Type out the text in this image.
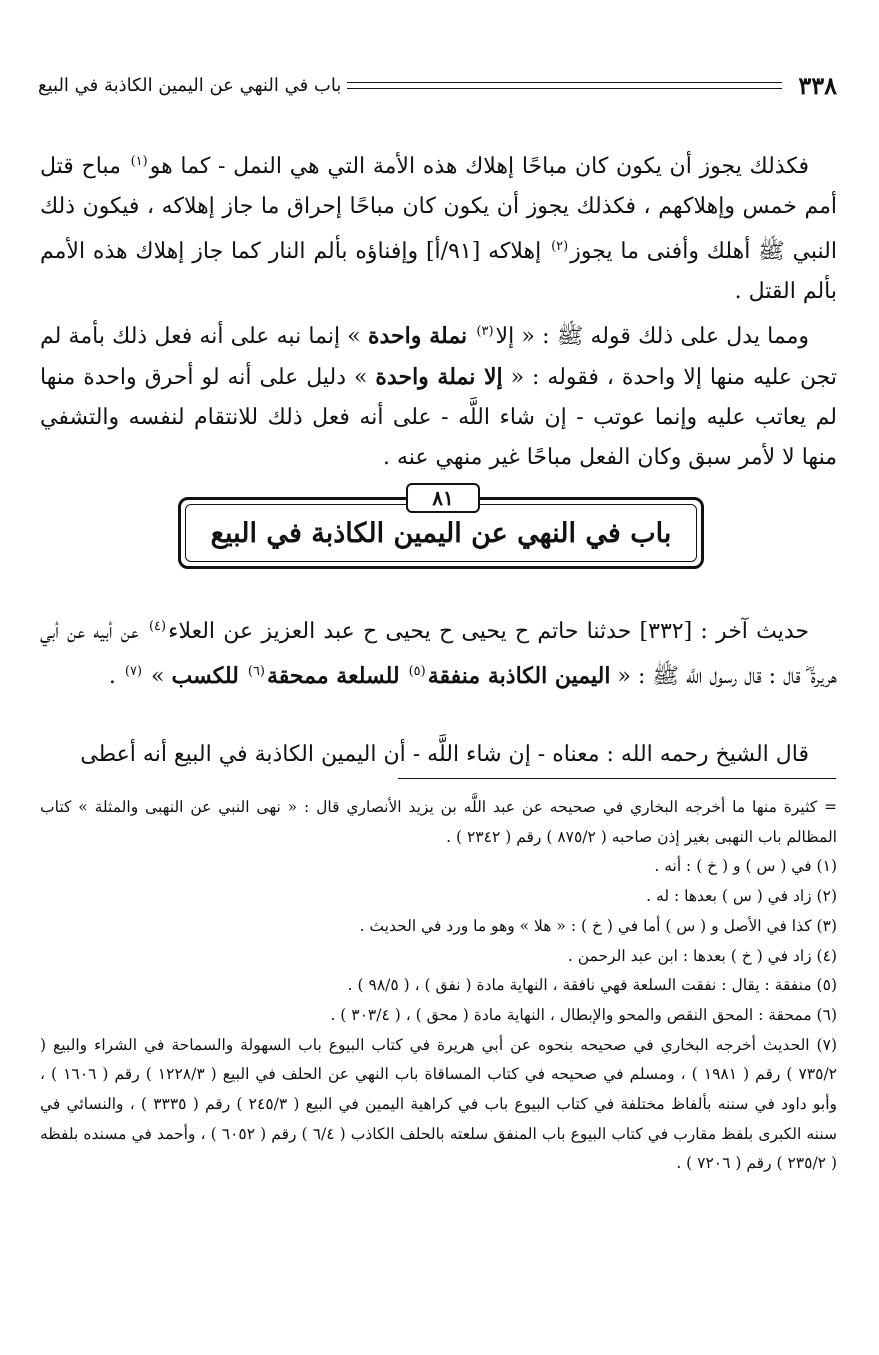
٣٣٨
باب في النهي عن اليمين الكاذبة في البيع

فكذلك يجوز أن يكون كان مباحًا إهلاك هذه الأمة التي هي النمل - كما هو$^{(١)}$ مباح قتل أمم خمس وإهلاكهم ، فكذلك يجوز أن يكون كان مباحًا إحراق ما جاز إهلاكه ، فيكون ذلك النبي ﷺ أهلك وأفنى ما يجوز$^{(٢)}$ إهلاكه [٩١/أ] وإفناؤه بألم النار كما جاز إهلاك هذه الأمم بألم القتل .

ومما يدل على ذلك قوله ﷺ : « إلا$^{(٣)}$ نملة واحدة » إنما نبه على أنه فعل ذلك بأمة لم تجن عليه منها إلا واحدة ، فقوله : « إلا نملة واحدة » دليل على أنه لو أحرق واحدة منها لم يعاتب عليه وإنما عوتب - إن شاء اللَّه - على أنه فعل ذلك للانتقام لنفسه والتشفي منها لا لأمر سبق وكان الفعل مباحًا غير منهي عنه .

٨١
باب في النهي عن اليمين الكاذبة في البيع

حديث آخر : [٣٣٢] حدثنا حاتم ح يحيى ح يحيى ح عبد العزيز عن العلاء$^{(٤)}$ عن أبيه عن أبي هريرة ؓ قال : قال رسول اللَّه ﷺ : « اليمين الكاذبة منفقة$^{(٥)}$ للسلعة ممحقة$^{(٦)}$ للكسب » $^{(٧)}$ .

قال الشيخ رحمه الله : معناه - إن شاء اللَّه - أن اليمين الكاذبة في البيع أنه أعطى

= كثيرة منها ما أخرجه البخاري في صحيحه عن عبد اللَّه بن يزيد الأنصاري قال : « نهى النبي عن النهبى والمثلة » كتاب المظالم باب النهبى بغير إذن صاحبه ( ٨٧٥/٢ ) رقم ( ٢٣٤٢ ) .

(١) في ( س ) و ( خ ) : أنه .

(٢) زاد في ( س ) بعدها : له .

(٣) كذا في الأصل و ( س ) أما في ( خ ) : « هلا » وهو ما ورد في الحديث .

(٤) زاد في ( خ ) بعدها : ابن عبد الرحمن .

(٥) منفقة : يقال : نفقت السلعة فهي نافقة ، النهاية مادة ( نفق ) ، ( ٩٨/٥ ) .

(٦) ممحقة : المحق النقص والمحو والإبطال ، النهاية مادة ( محق ) ، ( ٣٠٣/٤ ) .

(٧) الحديث أخرجه البخاري في صحيحه بنحوه عن أبي هريرة في كتاب البيوع باب السهولة والسماحة في الشراء والبيع ( ٧٣٥/٢ ) رقم ( ١٩٨١ ) ، ومسلم في صحيحه في كتاب المساقاة باب النهي عن الحلف في البيع ( ١٢٢٨/٣ ) رقم ( ١٦٠٦ ) ، وأبو داود في سننه بألفاظ مختلفة في كتاب البيوع باب في كراهية اليمين في البيع ( ٢٤٥/٣ ) رقم ( ٣٣٣٥ ) ، والنسائي في سننه الكبرى بلفظ مقارب في كتاب البيوع باب المنفق سلعته بالحلف الكاذب ( ٦/٤ ) رقم ( ٦٠٥٢ ) ، وأحمد في مسنده بلفظه ( ٢٣٥/٢ ) رقم ( ٧٢٠٦ ) .
